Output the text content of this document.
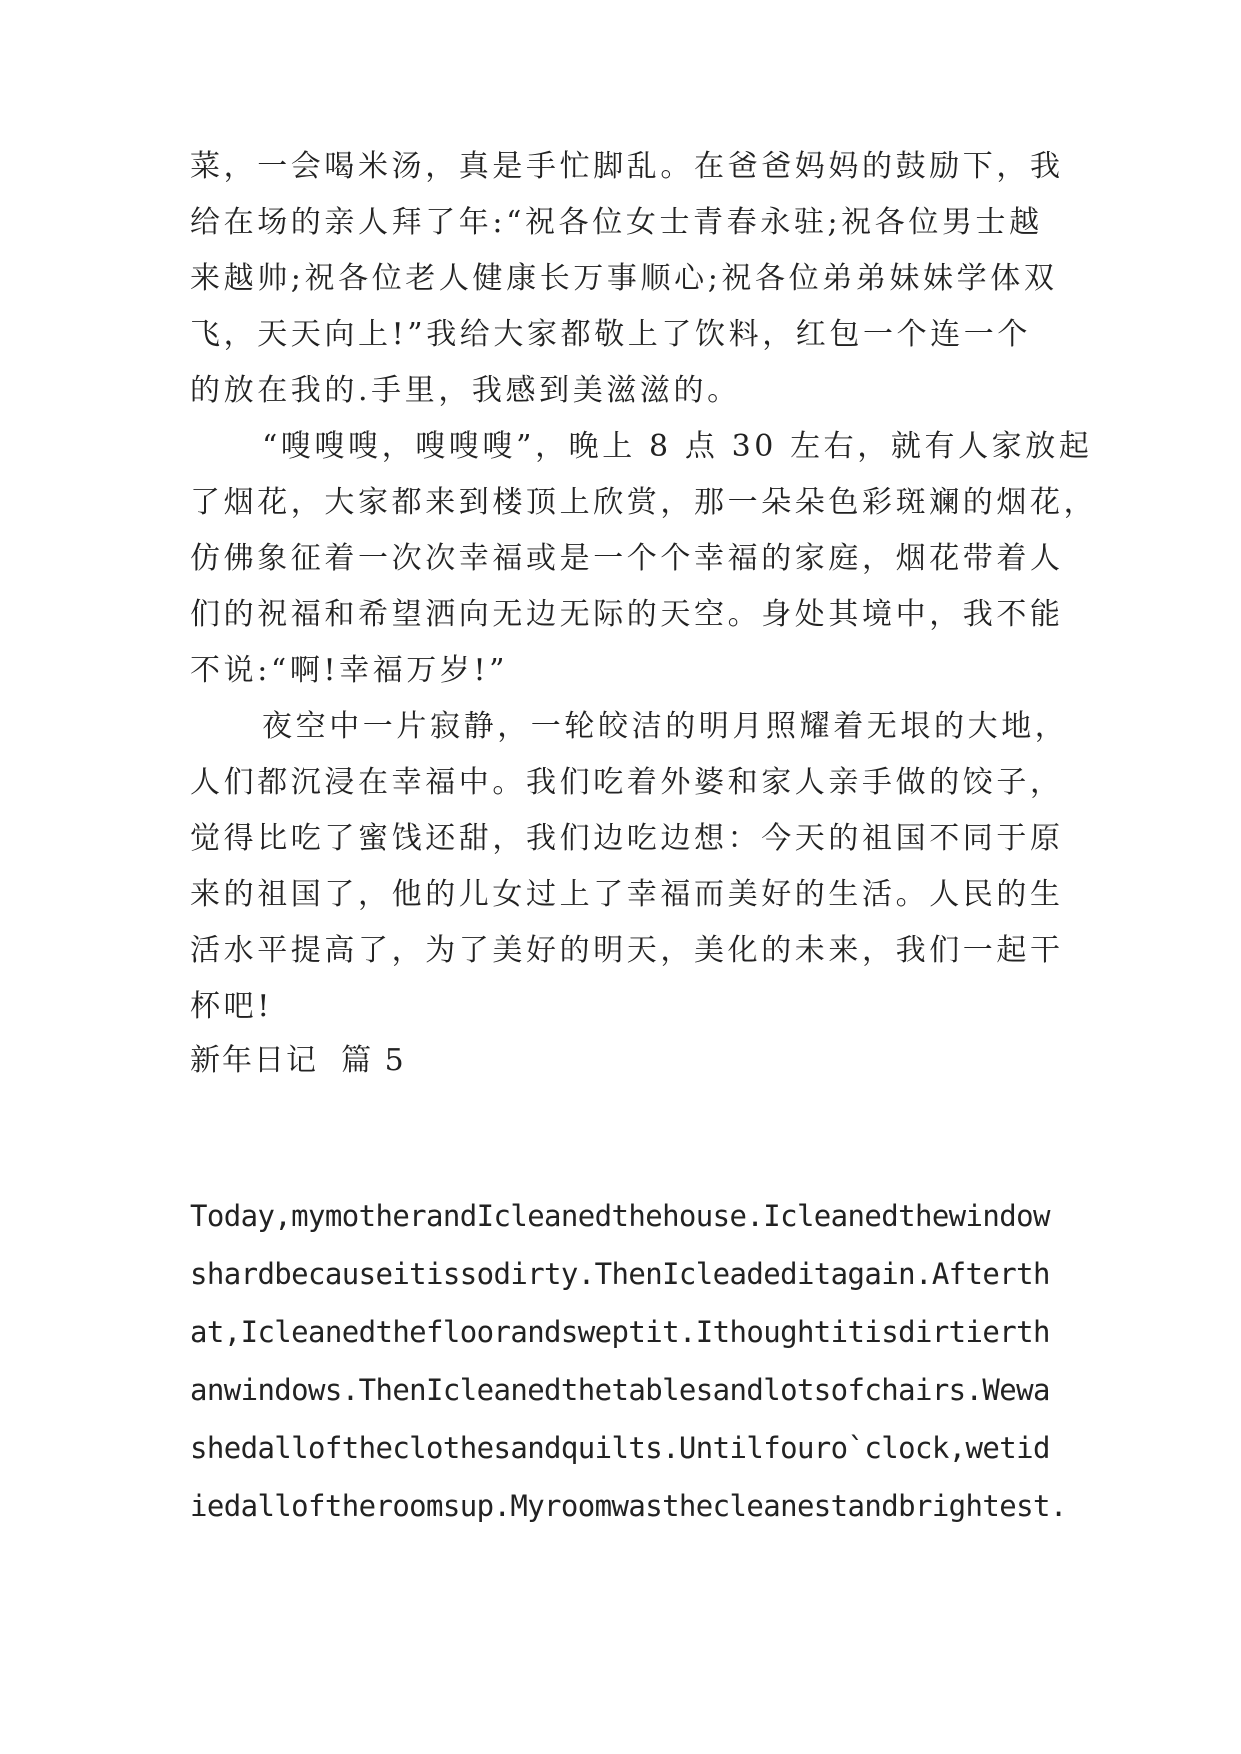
菜，一会喝米汤，真是手忙脚乱。在爸爸妈妈的鼓励下，我
给在场的亲人拜了年:“祝各位女士青春永驻;祝各位男士越
来越帅;祝各位老人健康长万事顺心;祝各位弟弟妹妹学体双
飞，天天向上!”我给大家都敬上了饮料，红包一个连一个
的放在我的.手里，我感到美滋滋的。
“嗖嗖嗖，嗖嗖嗖”，晚上 8 点 30 左右，就有人家放起
了烟花，大家都来到楼顶上欣赏，那一朵朵色彩斑斓的烟花，
仿佛象征着一次次幸福或是一个个幸福的家庭，烟花带着人
们的祝福和希望洒向无边无际的天空。身处其境中，我不能
不说:“啊!幸福万岁!”
夜空中一片寂静，一轮皎洁的明月照耀着无垠的大地，
人们都沉浸在幸福中。我们吃着外婆和家人亲手做的饺子，
觉得比吃了蜜饯还甜，我们边吃边想：今天的祖国不同于原
来的祖国了，他的儿女过上了幸福而美好的生活。人民的生
活水平提高了，为了美好的明天，美化的未来，我们一起干
杯吧!
新年日记  篇 5
Today,mymotherandIcleanedthehouse.Icleanedthewindow
shardbecauseitissodirty.ThenIcleadeditagain.Afterth
at,Icleanedthefloorandsweptit.Ithoughtitisdirtierth
anwindows.ThenIcleanedthetablesandlotsofchairs.Wewa
shedalloftheclothesandquilts.Untilfouro`clock,wetid
iedalloftheroomsup.Myroomwasthecleanestandbrightest.
